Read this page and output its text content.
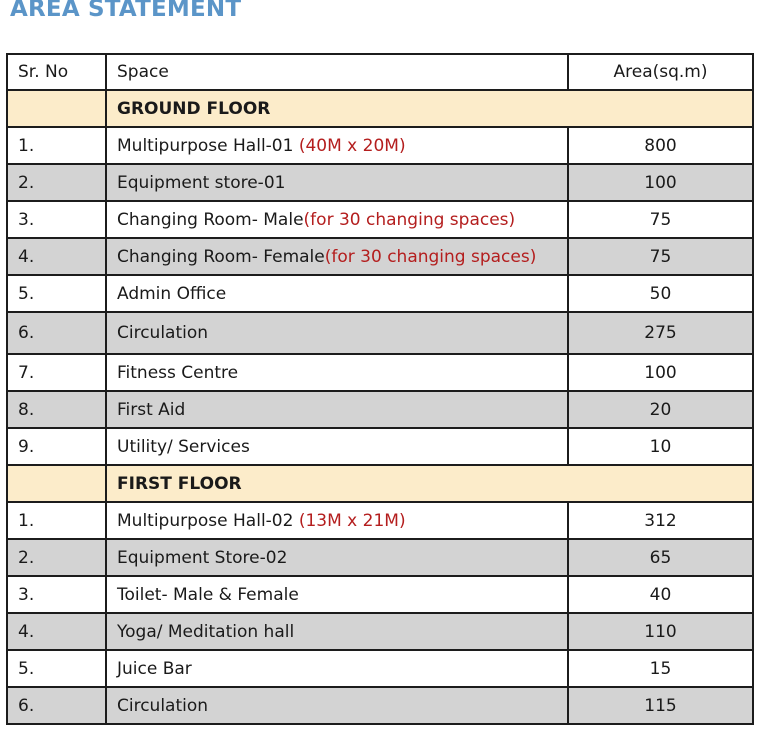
AREA STATEMENT
Sr. No	Space	Area(sq.m)
	GROUND FLOOR	
1.	Multipurpose Hall-01 (40M x 20M)	800
2.	Equipment store-01	100
3.	Changing Room- Male(for 30 changing spaces)	75
4.	Changing Room- Female(for 30 changing spaces)	75
5.	Admin Office	50
6.	Circulation	275
7.	Fitness Centre	100
8.	First Aid	20
9.	Utility/ Services	10
	FIRST FLOOR	
1.	Multipurpose Hall-02 (13M x 21M)	312
2.	Equipment Store-02	65
3.	Toilet- Male & Female	40
4.	Yoga/ Meditation hall	110
5.	Juice Bar	15
6.	Circulation	115
